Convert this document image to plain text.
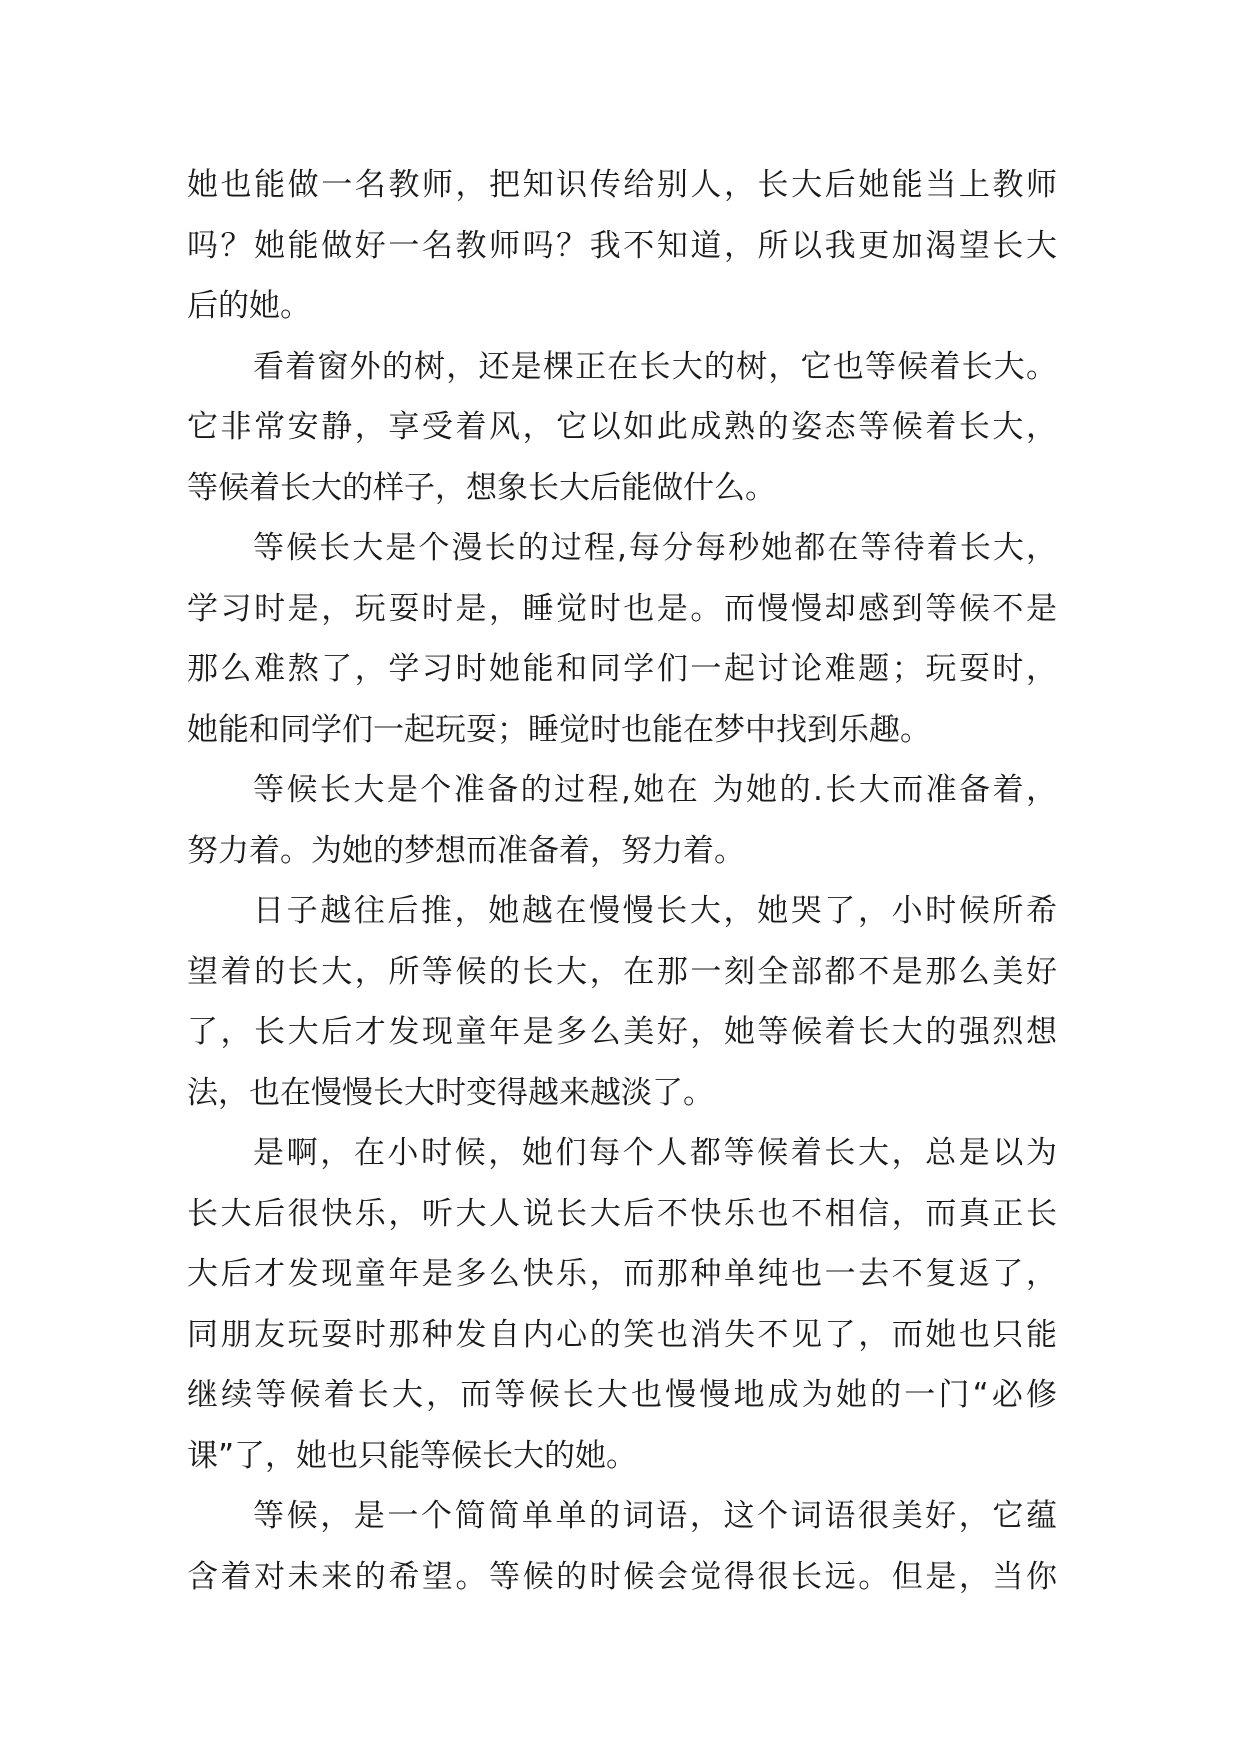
她也能做一名教师，把知识传给别人，长大后她能当上教师
吗？她能做好一名教师吗？我不知道，所以我更加渴望长大
后的她。
看着窗外的树，还是棵正在长大的树，它也等候着长大。
它非常安静，享受着风，它以如此成熟的姿态等候着长大，
等候着长大的样子，想象长大后能做什么。
等候长大是个漫长的过程,每分每秒她都在等待着长大，
学习时是，玩耍时是，睡觉时也是。而慢慢却感到等候不是
那么难熬了，学习时她能和同学们一起讨论难题；玩耍时，
她能和同学们一起玩耍；睡觉时也能在梦中找到乐趣。
等候长大是个准备的过程,她在 为她的.长大而准备着，
努力着。为她的梦想而准备着，努力着。
日子越往后推，她越在慢慢长大，她哭了，小时候所希
望着的长大，所等候的长大，在那一刻全部都不是那么美好
了，长大后才发现童年是多么美好，她等候着长大的强烈想
法，也在慢慢长大时变得越来越淡了。
是啊，在小时候，她们每个人都等候着长大，总是以为
长大后很快乐，听大人说长大后不快乐也不相信，而真正长
大后才发现童年是多么快乐，而那种单纯也一去不复返了，
同朋友玩耍时那种发自内心的笑也消失不见了，而她也只能
继续等候着长大，而等候长大也慢慢地成为她的一门“必修
课”了，她也只能等候长大的她。
等候，是一个简简单单的词语，这个词语很美好，它蕴
含着对未来的希望。等候的时候会觉得很长远。但是，当你
